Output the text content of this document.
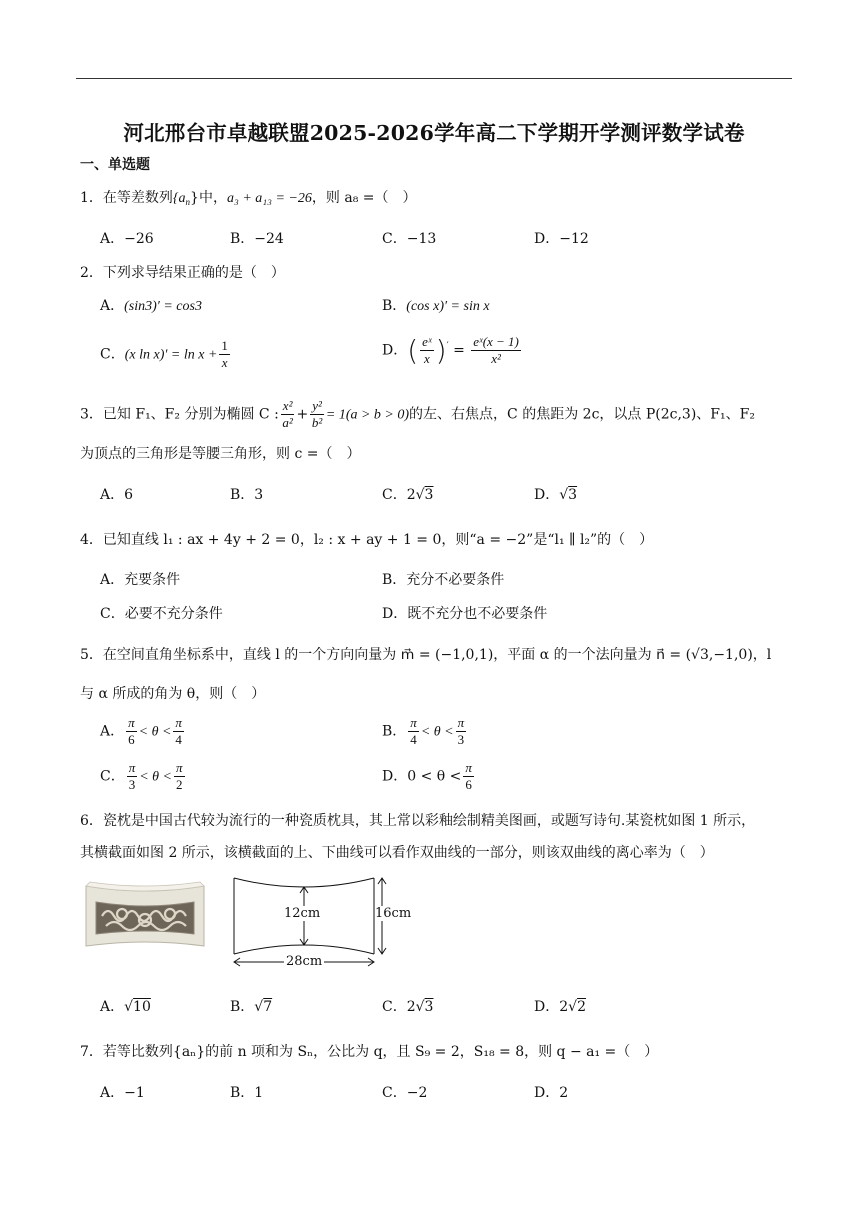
河北邢台市卓越联盟2025-2026学年高二下学期开学测评数学试卷
一、单选题
1．在等差数列$\{a_n\}$中，a₃ + a₁₃ = −26，则 a₈ =（　）
A．−26	B．−24	C．−13	D．−12
2．下列求导结果正确的是（　）
A．(sin3)′ = cos3	B．(cos x)′ = sin x
C．(x $\ln x)' = \ln x + \frac{1}{x}$	D．( $\frac{\text{eˣ}}{x} )' = \frac{\text{eˣ(x − 1)}}{\text{x²}}$
3．已知 F₁、F₂ 分别为椭圆 C : $\frac{\text{x²}}{\text{a²}} + \frac{\text{y²}}{\text{b²}} = 1(a > b > 0)$的左、右焦点，C 的焦距为 2c，以点 P(2c,3)、F₁、F₂
为顶点的三角形是等腰三角形，则 c =（　）
A．6	B．3	C．2√3	D．√3
4．已知直线 l₁ : ax + 4y + 2 = 0，l₂ : x + ay + 1 = 0，则“a = −2”是“l₁ ∥ l₂”的（　）
A．充要条件	B．充分不必要条件
C．必要不充分条件	D．既不充分也不必要条件
5．在空间直角坐标系中，直线 l 的一个方向向量为 m⃗ = (−1,0,1)，平面 α 的一个法向量为 n⃗ = (√3,−1,0)，l
与 α 所成的角为 θ，则（　）
A． $\frac{\pi}{6} < \theta < \frac{\pi}{4}$	B． $\frac{\pi}{4} < \theta < \frac{\pi}{3}$
C． $\frac{\pi}{3} < \theta < \frac{\pi}{2}$	D．$0 < \theta < \frac{\pi}{6}$
6．瓷枕是中国古代较为流行的一种瓷质枕具，其上常以彩釉绘制精美图画，或题写诗句.某瓷枕如图 1 所示，
其横截面如图 2 所示，该横截面的上、下曲线可以看作双曲线的一部分，则该双曲线的离心率为（　）
12cm	16cm
28cm
A．√10	B．√7	C．2√3	D．2√2
7．若等比数列{aₙ}的前 n 项和为 Sₙ，公比为 q，且 S₉ = 2，S₁₈ = 8，则 q − a₁ =（　）
A．−1	B．1	C．−2	D．2
